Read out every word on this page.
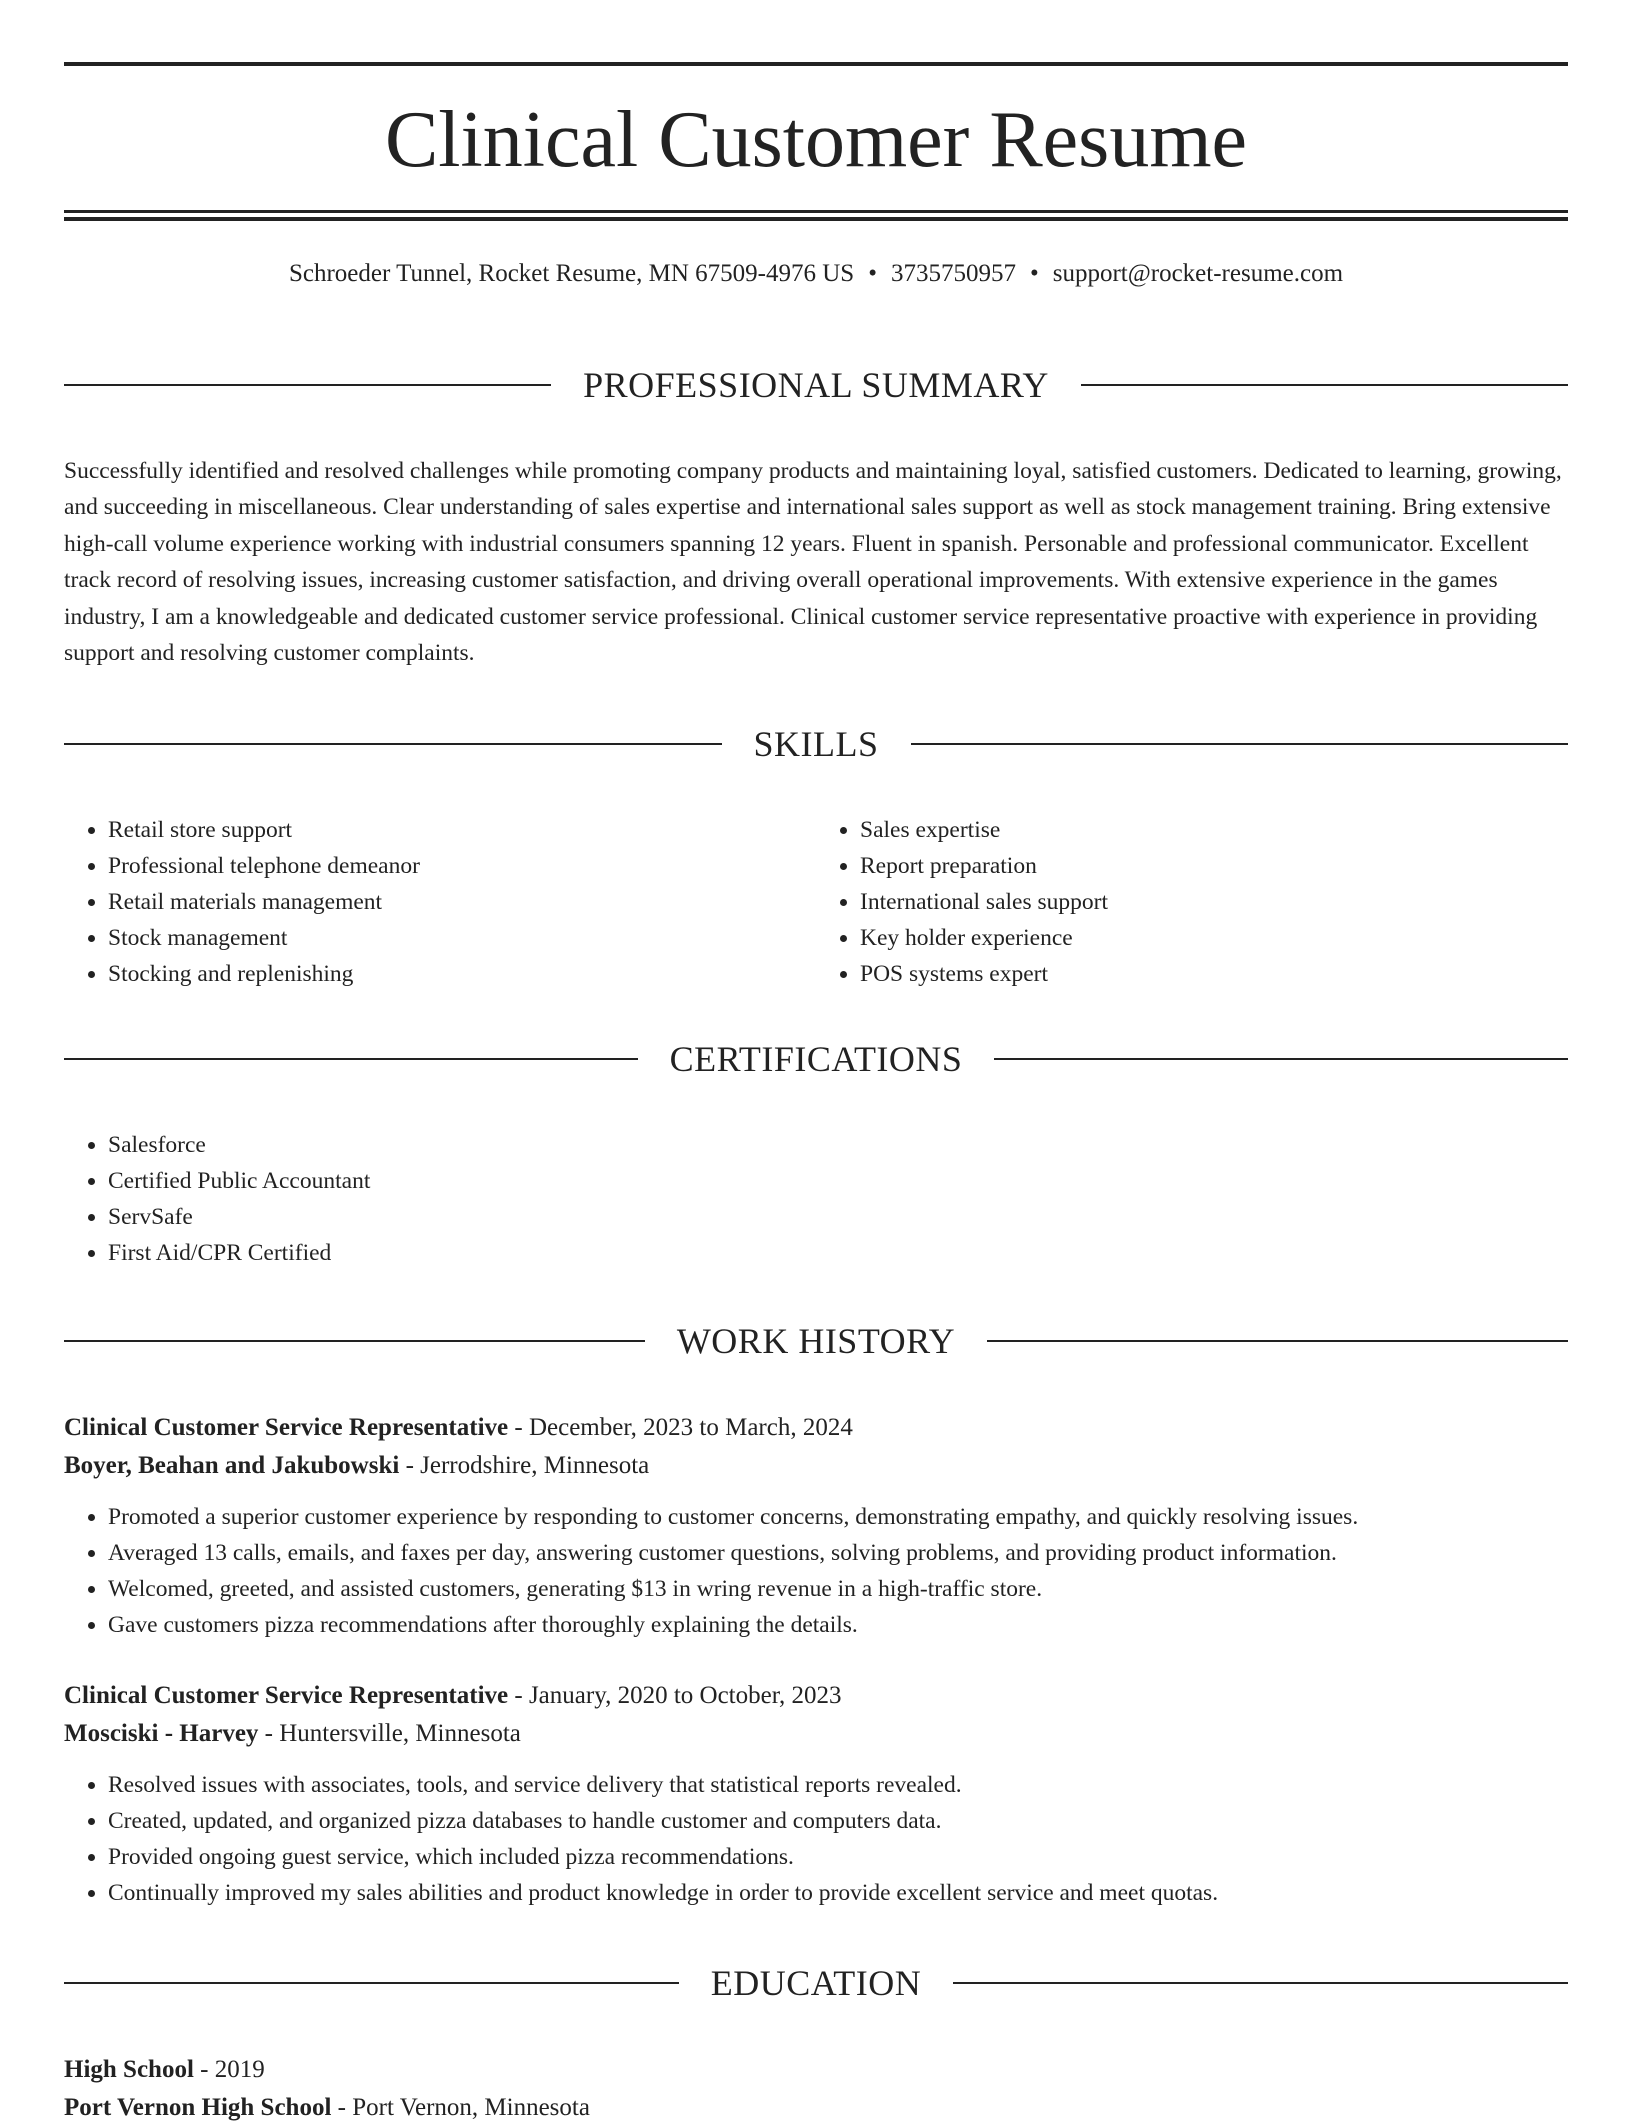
Clinical Customer Resume
Schroeder Tunnel, Rocket Resume, MN 67509-4976 US • 3735750957 • support@rocket-resume.com
PROFESSIONAL SUMMARY

Successfully identified and resolved challenges while promoting company products and maintaining loyal, satisfied customers. Dedicated to learning, growing, and succeeding in miscellaneous. Clear understanding of sales expertise and international sales support as well as stock management training. Bring extensive high-call volume experience working with industrial consumers spanning 12 years. Fluent in spanish. Personable and professional communicator. Excellent track record of resolving issues, increasing customer satisfaction, and driving overall operational improvements. With extensive experience in the games industry, I am a knowledgeable and dedicated customer service professional. Clinical customer service representative proactive with experience in providing support and resolving customer complaints.

SKILLS
• Retail store support
• Professional telephone demeanor
• Retail materials management
• Stock management
• Stocking and replenishing
• Sales expertise
• Report preparation
• International sales support
• Key holder experience
• POS systems expert
CERTIFICATIONS
• Salesforce
• Certified Public Accountant
• ServSafe
• First Aid/CPR Certified
WORK HISTORY
Clinical Customer Service Representative - December, 2023 to March, 2024
Boyer, Beahan and Jakubowski - Jerrodshire, Minnesota
• Promoted a superior customer experience by responding to customer concerns, demonstrating empathy, and quickly resolving issues.
• Averaged 13 calls, emails, and faxes per day, answering customer questions, solving problems, and providing product information.
• Welcomed, greeted, and assisted customers, generating $13 in wring revenue in a high-traffic store.
• Gave customers pizza recommendations after thoroughly explaining the details.
Clinical Customer Service Representative - January, 2020 to October, 2023
Mosciski - Harvey - Huntersville, Minnesota
• Resolved issues with associates, tools, and service delivery that statistical reports revealed.
• Created, updated, and organized pizza databases to handle customer and computers data.
• Provided ongoing guest service, which included pizza recommendations.
• Continually improved my sales abilities and product knowledge in order to provide excellent service and meet quotas.
EDUCATION
High School - 2019
Port Vernon High School - Port Vernon, Minnesota
